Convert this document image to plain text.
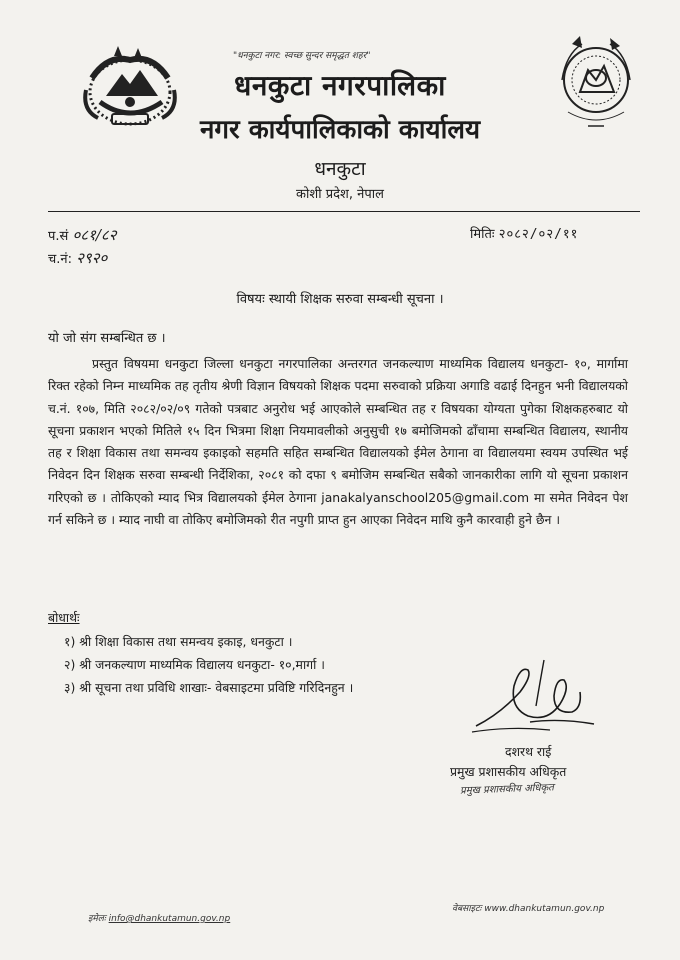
"धनकुटा नगर: स्वच्छ सुन्दर समृद्धत शहर"
धनकुटा नगरपालिका
नगर कार्यपालिकाको कार्यालय
धनकुटा
कोशी प्रदेश, नेपाल
प.सं ०८१/८२
च.नं: २९२०
मितिः २०८२/०२/११
विषयः स्थायी शिक्षक सरुवा सम्बन्धी सूचना ।
यो जो संग सम्बन्धित छ ।

प्रस्तुत विषयमा धनकुटा जिल्ला धनकुटा नगरपालिका अन्तरगत जनकल्याण माध्यमिक विद्यालय धनकुटा- १०, मार्गामा रिक्त रहेको निम्न माध्यमिक तह तृतीय श्रेणी विज्ञान विषयको शिक्षक पदमा सरुवाको प्रक्रिया अगाडि वढाई दिनहुन भनी विद्यालयको च.नं. १०७, मिति २०८२/०२/०९ गतेको पत्रबाट अनुरोध भई आएकोले सम्बन्धित तह र विषयका योग्यता पुगेका शिक्षकहरुबाट यो सूचना प्रकाशन भएको मितिले १५ दिन भित्रमा शिक्षा नियमावलीको अनुसुची १७ बमोजिमको ढाँचामा सम्बन्धित विद्यालय, स्थानीय तह र शिक्षा विकास तथा समन्वय इकाइको सहमति सहित सम्बन्धित विद्यालयको ईमेल ठेगाना वा विद्यालयमा स्वयम उपस्थित भई निवेदन दिन शिक्षक सरुवा सम्बन्धी निर्देशिका, २०८१ को दफा ९ बमोजिम सम्बन्धित सबैको जानकारीका लागि यो सूचना प्रकाशन गरिएको छ । तोकिएको म्याद भित्र विद्यालयको ईमेल ठेगाना janakalyanschool205@gmail.com मा समेत निवेदन पेश गर्न सकिने छ । म्याद नाघी वा तोकिए बमोजिमको रीत नपुगी प्राप्त हुन आएका निवेदन माथि कुनै कारवाही हुने छैन ।

बोधार्थः
१) श्री शिक्षा विकास तथा समन्वय इकाइ, धनकुटा ।
२) श्री जनकल्याण माध्यमिक विद्यालय धनकुटा- १०,मार्गा ।
३) श्री सूचना तथा प्रविधि शाखाः- वेबसाइटमा प्रविष्टि गरिदिनहुन ।
दशरथ राई
प्रमुख प्रशासकीय अधिकृत
प्रमुख प्रशासकीय अधिकृत
इमेलः info@dhankutamun.gov.np
वेबसाइटः www.dhankutamun.gov.np
